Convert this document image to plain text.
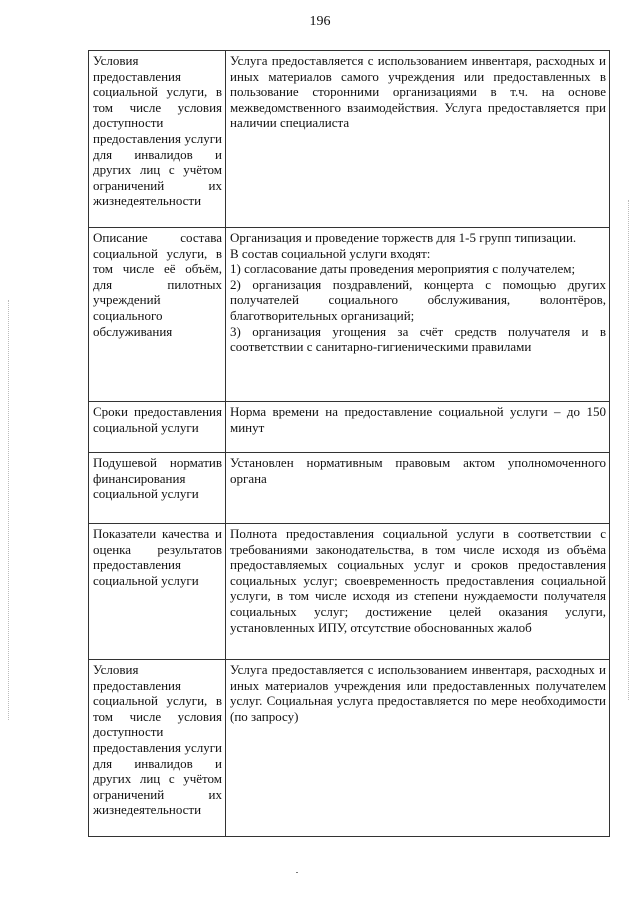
196
Условия предоставления социальной услуги, в том числе условия доступности предоставления услуги для инвалидов и других лиц с учётом ограничений их жизнедеятельности	Услуга предоставляется с использованием инвентаря, расходных и иных материалов самого учреждения или предоставленных в пользование сторонними организациями в т.ч. на основе межведомственного взаимодействия. Услуга предоставляется при наличии специалиста
Описание состава социальной услуги, в том числе её объём, для пилотных учреждений социального обслуживания	Организация и проведение торжеств для 1-5 групп типизации.
В состав социальной услуги входят:
1) согласование даты проведения мероприятия с получателем;
2) организация поздравлений, концерта с помощью других получателей социального обслуживания, волонтёров, благотворительных организаций;
3) организация угощения за счёт средств получателя и в соответствии с санитарно-гигиеническими правилами
Сроки предоставления социальной услуги	Норма времени на предоставление социальной услуги – до 150 минут
Подушевой норматив финансирования социальной услуги	Установлен нормативным правовым актом уполномоченного органа
Показатели качества и оценка результатов предоставления социальной услуги	Полнота предоставления социальной услуги в соответствии с требованиями законодательства, в том числе исходя из объёма предоставляемых социальных услуг и сроков предоставления социальных услуг; своевременность предоставления социальной услуги, в том числе исходя из степени нуждаемости получателя социальных услуг; достижение целей оказания услуги, установленных ИПУ, отсутствие обоснованных жалоб
Условия предоставления социальной услуги, в том числе условия доступности предоставления услуги для инвалидов и других лиц с учётом ограничений их жизнедеятельности	Услуга предоставляется с использованием инвентаря, расходных и иных материалов учреждения или предоставленных получателем услуг. Социальная услуга предоставляется по мере необходимости (по запросу)
